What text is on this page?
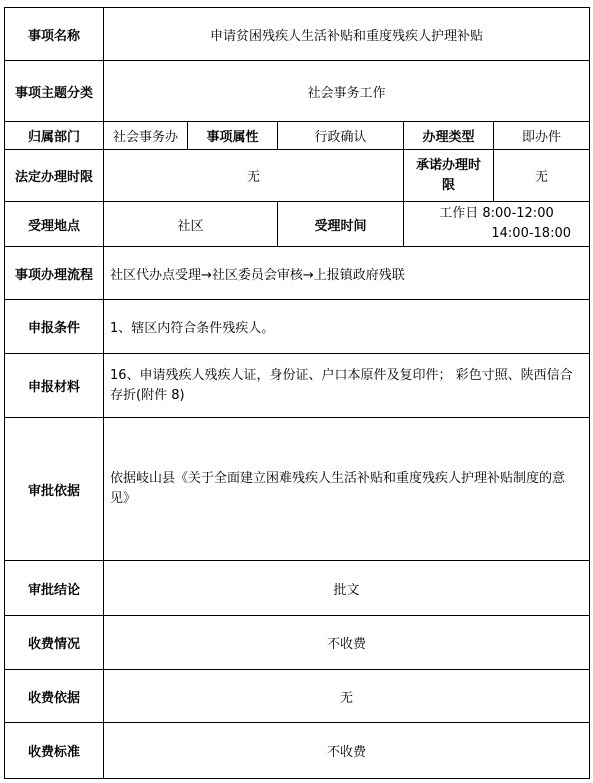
事项名称	申请贫困残疾人生活补贴和重度残疾人护理补贴				
事项主题分类	社会事务工作				
归属部门	社会事务办	事项属性	行政确认	办理类型	即办件
法定办理时限	无			承诺办理时限	无
受理地点	社区		受理时间	工作日 8:00-12:00
14:00-18:00	

事项办理流程	社区代办点受理→社区委员会审核→上报镇政府残联				
申报条件	1、辖区内符合条件残疾人。				
申报材料	16、申请残疾人残疾人证，身份证、户口本原件及复印件； 彩色寸照、陕西信合存折(附件 8)				
审批依据	依据岐山县《关于全面建立困难残疾人生活补贴和重度残疾人护理补贴制度的意见》				
审批结论	批文				
收费情况	不收费				
收费依据	无				
收费标准	不收费				
